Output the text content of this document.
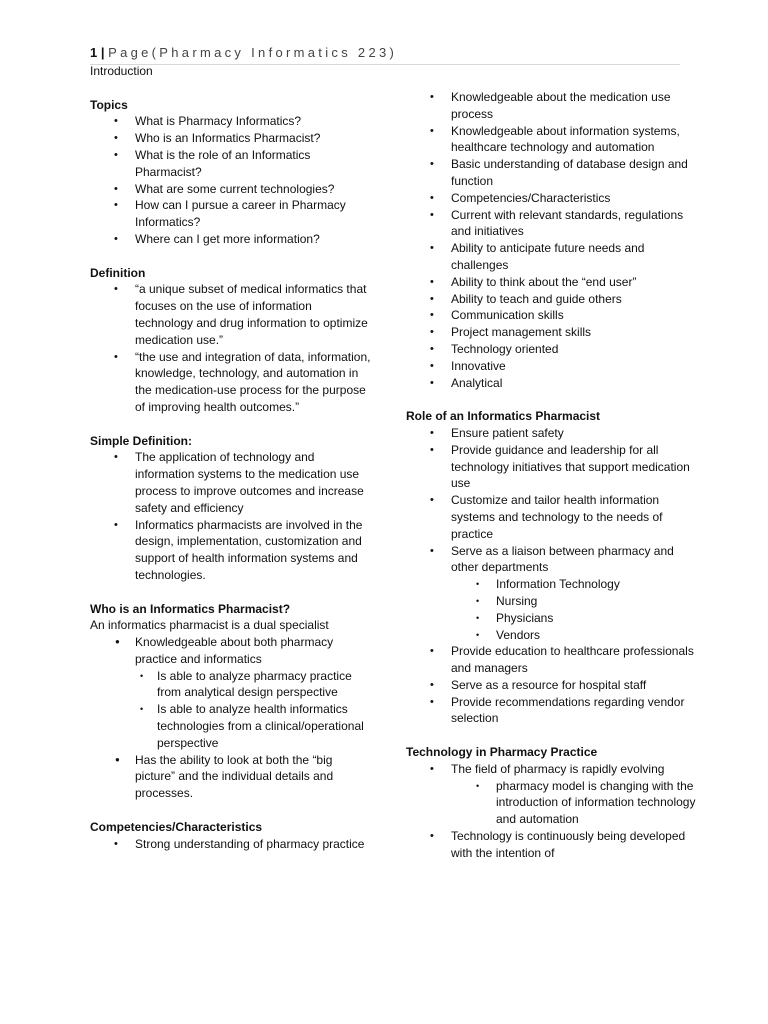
1 | Page(Pharmacy Informatics 223)

Introduction

Topics

• What is Pharmacy Informatics?
• Who is an Informatics Pharmacist?
• What is the role of an Informatics Pharmacist?
• What are some current technologies?
• How can I pursue a career in Pharmacy Informatics?
• Where can I get more information?

Definition

• “a unique subset of medical informatics that focuses on the use of information technology and drug information to optimize medication use.”
• “the use and integration of data, information, knowledge, technology, and automation in the medication-use process for the purpose of improving health outcomes.”

Simple Definition:

• The application of technology and information systems to the medication use process to improve outcomes and increase safety and efficiency
• Informatics pharmacists are involved in the design, implementation, customization and support of health information systems and technologies.

Who is an Informatics Pharmacist?

An informatics pharmacist is a dual specialist

● Knowledgeable about both pharmacy practice and informatics
• Is able to analyze pharmacy practice from analytical design perspective
• Is able to analyze health informatics technologies from a clinical/operational perspective
● Has the ability to look at both the “big picture” and the individual details and processes.

Competencies/Characteristics

• Strong understanding of pharmacy practice
• Knowledgeable about the medication use process
• Knowledgeable about information systems, healthcare technology and automation
• Basic understanding of database design and function
• Competencies/Characteristics
• Current with relevant standards, regulations and initiatives
• Ability to anticipate future needs and challenges
• Ability to think about the “end user”
• Ability to teach and guide others
• Communication skills
• Project management skills
• Technology oriented
• Innovative
• Analytical

Role of an Informatics Pharmacist

• Ensure patient safety
• Provide guidance and leadership for all technology initiatives that support medication use
• Customize and tailor health information systems and technology to the needs of practice
• Serve as a liaison between pharmacy and other departments
• Information Technology
• Nursing
• Physicians
• Vendors
• Provide education to healthcare professionals and managers
• Serve as a resource for hospital staff
• Provide recommendations regarding vendor selection

Technology in Pharmacy Practice

• The field of pharmacy is rapidly evolving
• pharmacy model is changing with the introduction of information technology and automation
• Technology is continuously being developed with the intention of
